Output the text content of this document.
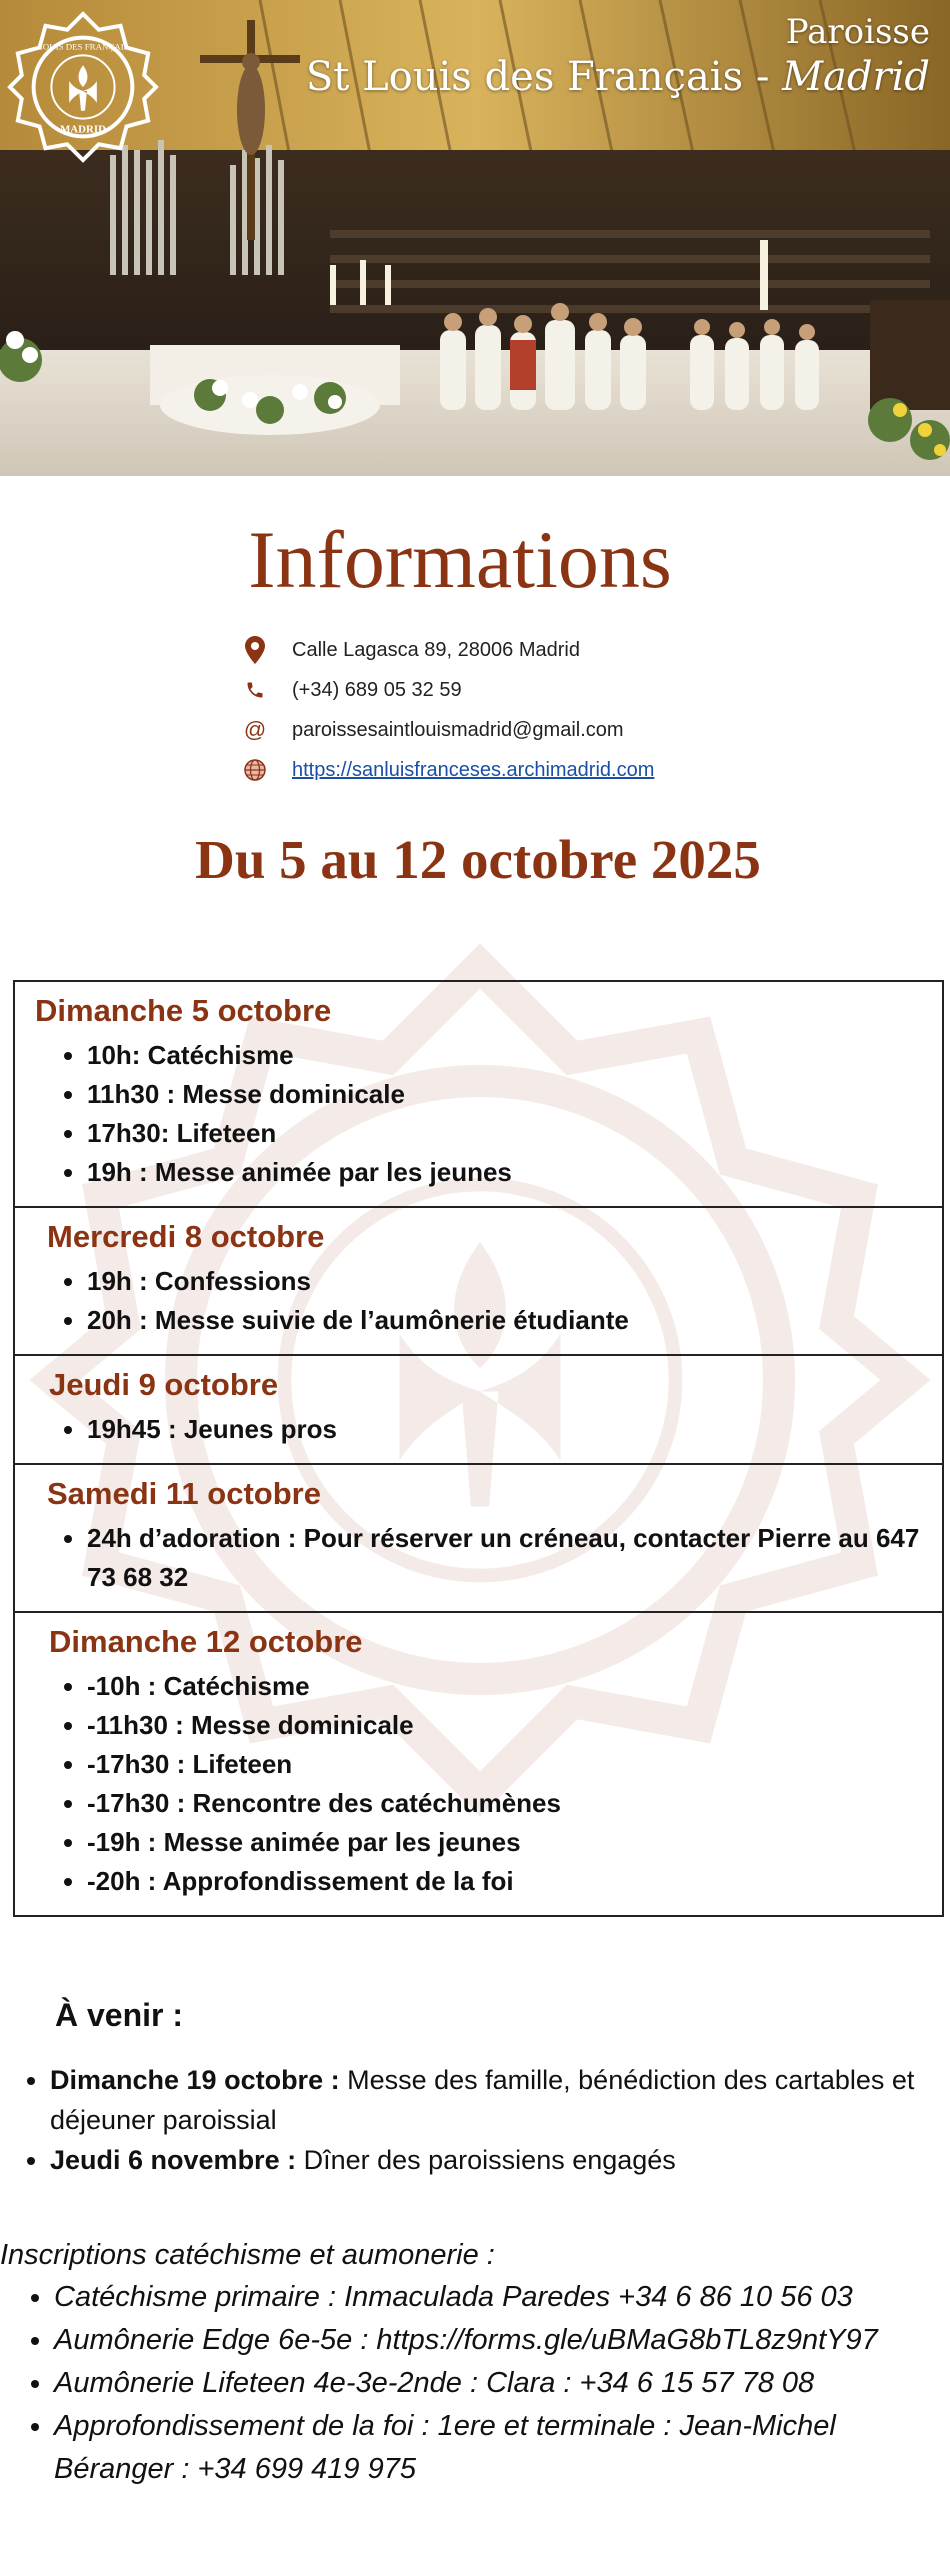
LOUIS DES FRANÇAIS
MADRID
Paroisse
St Louis des Français - Madrid
Informations
Calle Lagasca 89, 28006 Madrid
(+34) 689 05 32 59
@ paroissesaintlouismadrid@gmail.com
https://sanluisfranceses.archimadrid.com
Du 5 au 12 octobre 2025
Dimanche 5 octobre
• 10h: Catéchisme
• 11h30 : Messe dominicale
• 17h30: Lifeteen
• 19h : Messe animée par les jeunes
Mercredi 8 octobre
• 19h : Confessions
• 20h : Messe suivie de l’aumônerie étudiante
Jeudi 9 octobre
• 19h45 : Jeunes pros
Samedi 11 octobre
• 24h d’adoration : Pour réserver un créneau, contacter Pierre au 647 73 68 32
Dimanche 12 octobre
• -10h : Catéchisme
• -11h30 : Messe dominicale
• -17h30 : Lifeteen
• -17h30 : Rencontre des catéchumènes
• -19h : Messe animée par les jeunes
• -20h : Approfondissement de la foi
À venir :
• Dimanche 19 octobre : Messe des famille, bénédiction des cartables et déjeuner paroissial
• Jeudi 6 novembre : Dîner des paroissiens engagés
Inscriptions catéchisme et aumonerie :
• Catéchisme primaire : Inmaculada Paredes +34 6 86 10 56 03
• Aumônerie Edge 6e-5e : https://forms.gle/uBMaG8bTL8z9ntY97
• Aumônerie Lifeteen 4e-3e-2nde : Clara : +34 6 15 57 78 08
• Approfondissement de la foi : 1ere et terminale : Jean-Michel Béranger : +34 699 419 975
